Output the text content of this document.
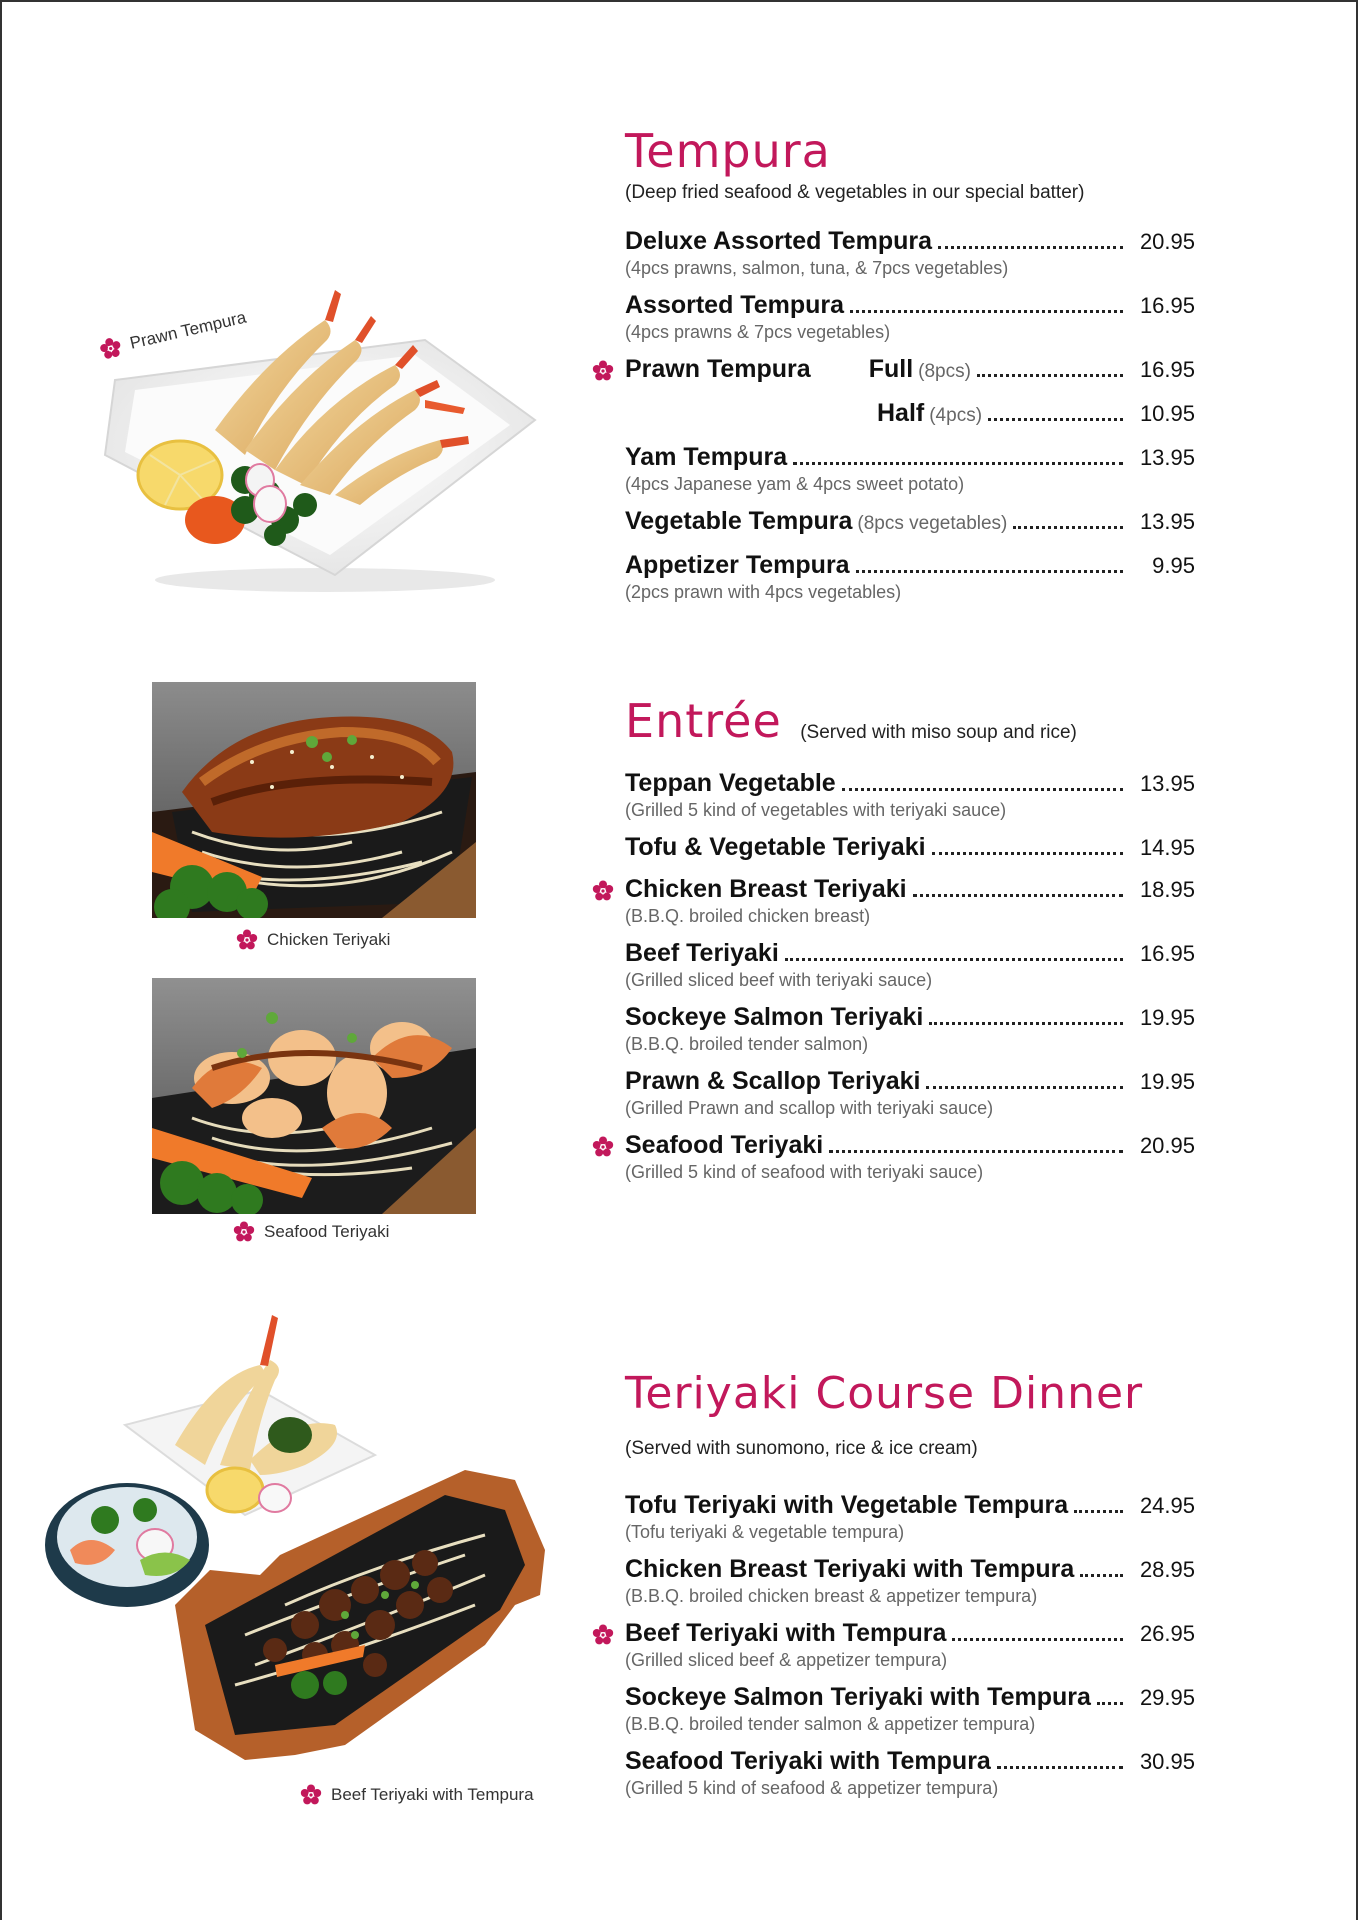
Prawn Tempura
Chicken Teriyaki
Seafood Teriyaki
Beef Teriyaki with Tempura
Tempura
(Deep fried seafood & vegetables in our special batter)
Deluxe Assorted Tempura	20.95
(4pcs prawns, salmon, tuna, & 7pcs vegetables)
Assorted Tempura	16.95
(4pcs prawns & 7pcs vegetables)
Prawn Tempura Full (8pcs)	16.95
Half (4pcs)	10.95
Yam Tempura	13.95
(4pcs Japanese yam & 4pcs sweet potato)
Vegetable Tempura (8pcs vegetables)	13.95
Appetizer Tempura	9.95
(2pcs prawn with 4pcs vegetables)
Entrée (Served with miso soup and rice)
Teppan Vegetable	13.95
(Grilled 5 kind of vegetables with teriyaki sauce)
Tofu & Vegetable Teriyaki	14.95
Chicken Breast Teriyaki	18.95
(B.B.Q. broiled chicken breast)
Beef Teriyaki	16.95
(Grilled sliced beef with teriyaki sauce)
Sockeye Salmon Teriyaki	19.95
(B.B.Q. broiled tender salmon)
Prawn & Scallop Teriyaki	19.95
(Grilled Prawn and scallop with teriyaki sauce)
Seafood Teriyaki	20.95
(Grilled 5 kind of seafood with teriyaki sauce)
Teriyaki Course Dinner
(Served with sunomono, rice & ice cream)
Tofu Teriyaki with Vegetable Tempura	24.95
(Tofu teriyaki & vegetable tempura)
Chicken Breast Teriyaki with Tempura	28.95
(B.B.Q. broiled chicken breast & appetizer tempura)
Beef Teriyaki with Tempura	26.95
(Grilled sliced beef & appetizer tempura)
Sockeye Salmon Teriyaki with Tempura	29.95
(B.B.Q. broiled tender salmon & appetizer tempura)
Seafood Teriyaki with Tempura	30.95
(Grilled 5 kind of seafood & appetizer tempura)
